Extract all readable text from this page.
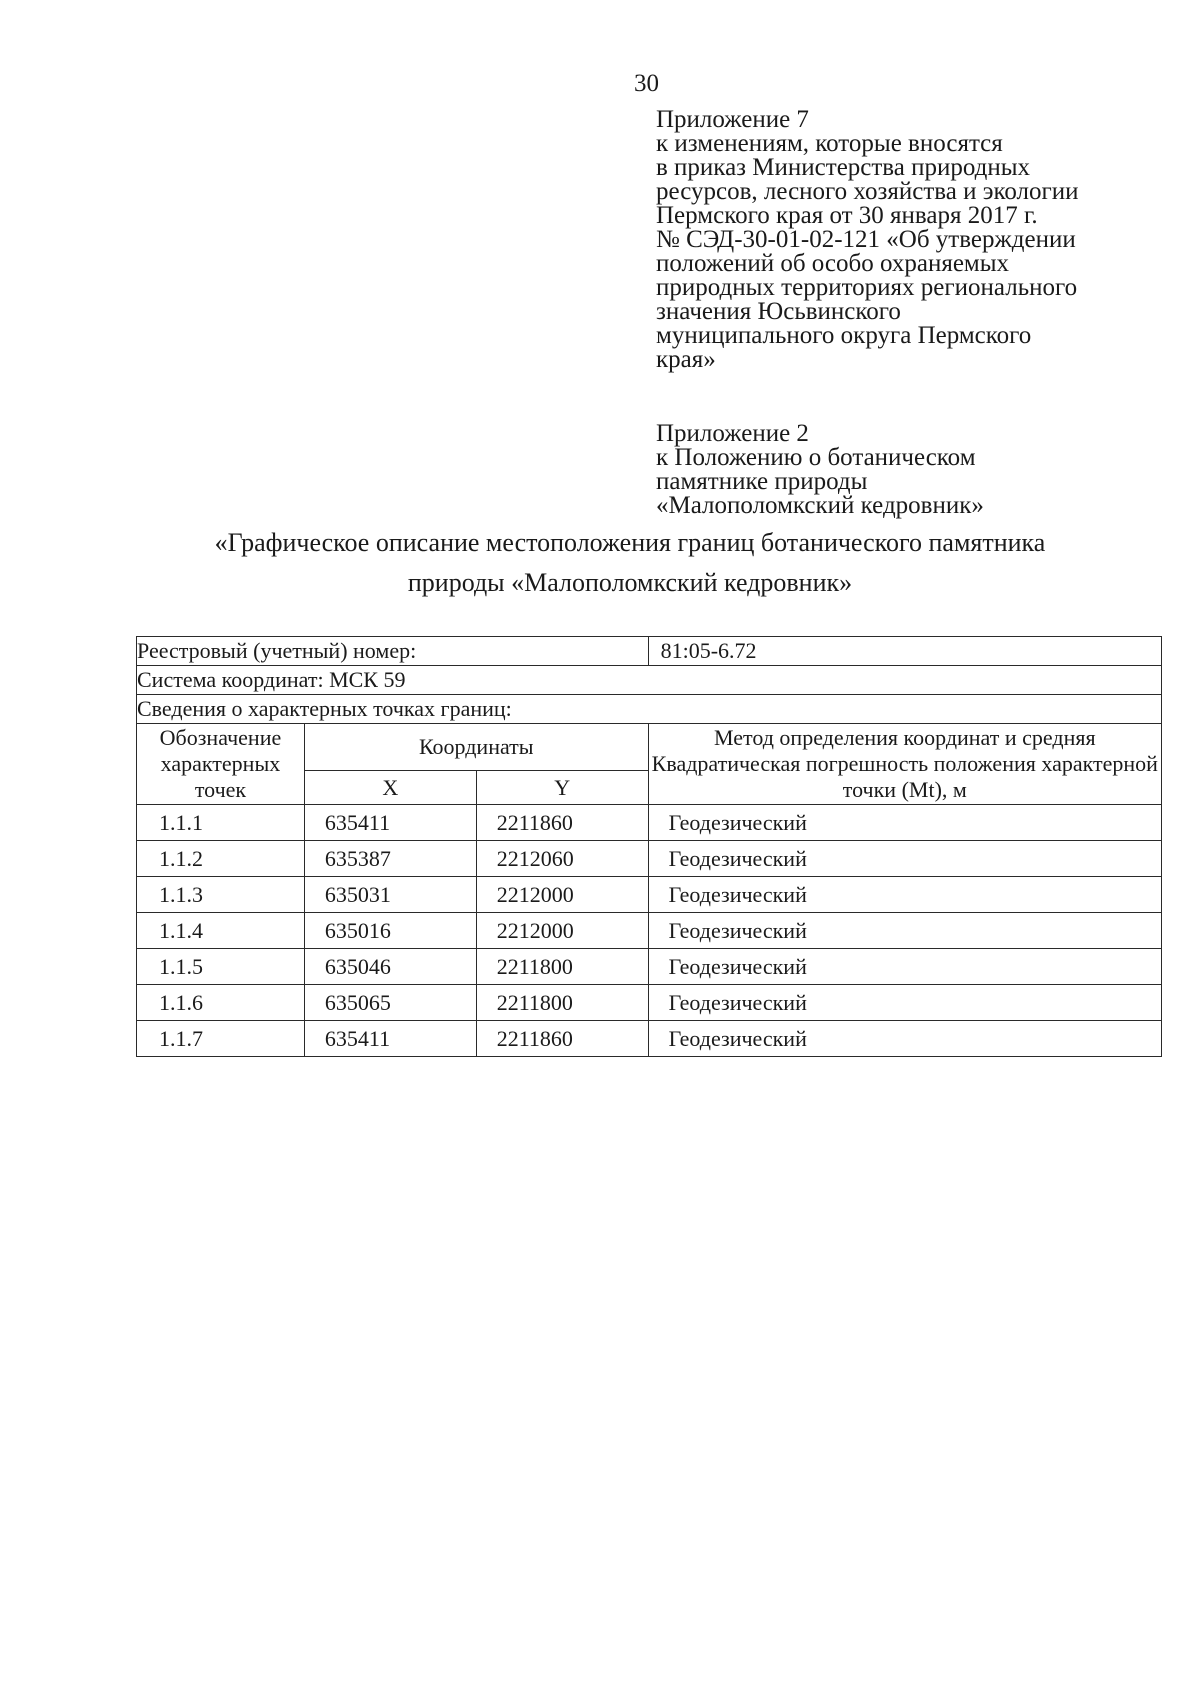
30
Приложение 7
к изменениям, которые вносятся
в приказ Министерства природных
ресурсов, лесного хозяйства и экологии
Пермского края от 30 января 2017 г.
№ СЭД-30-01-02-121 «Об утверждении
положений об особо охраняемых
природных территориях регионального
значения Юсьвинского
муниципального округа Пермского
края»
Приложение 2
к Положению о ботаническом
памятнике природы
«Малополомкский кедровник»
«Графическое описание местоположения границ ботанического памятника
природы «Малополомкский кедровник»
Реестровый (учетный) номер:			81:05-6.72
Система координат: МСК 59			
Сведения о характерных точках границ:			
Обозначение характерных точек	Координаты		Метод определения координат и средняя Квадратическая погрешность положения характерной точки (Mt), м
	X	Y	
1.1.1	635411	2211860	Геодезический
1.1.2	635387	2212060	Геодезический
1.1.3	635031	2212000	Геодезический
1.1.4	635016	2212000	Геодезический
1.1.5	635046	2211800	Геодезический
1.1.6	635065	2211800	Геодезический
1.1.7	635411	2211860	Геодезический
